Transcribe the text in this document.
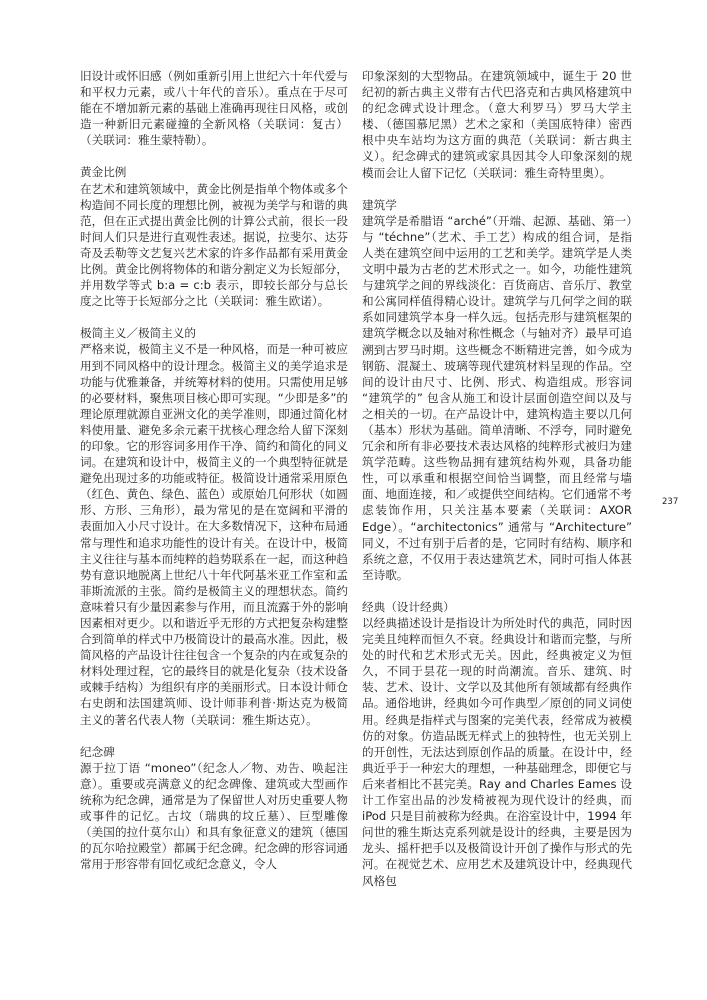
旧设计或怀旧感（例如重新引用上世纪六十年代爱与和平权力元素，或八十年代的音乐）。重点在于尽可能在不增加新元素的基础上准确再现往日风格，或创造一种新旧元素碰撞的全新风格（关联词：复古）（关联词：雅生蒙特勒）。

黄金比例

在艺术和建筑领域中，黄金比例是指单个物体或多个构造间不同长度的理想比例，被视为美学与和谐的典范，但在正式提出黄金比例的计算公式前，很长一段时间人们只是进行直观性表述。据说，拉斐尔、达芬奇及丢勒等文艺复兴艺术家的许多作品都有采用黄金比例。黄金比例将物体的和谐分割定义为长短部分，并用数学等式 b:a = c:b 表示，即较长部分与总长度之比等于长短部分之比（关联词：雅生欧诺）。

极简主义／极简主义的

严格来说，极简主义不是一种风格，而是一种可被应用到不同风格中的设计理念。极简主义的美学追求是功能与优雅兼备，并统筹材料的使用。只需使用足够的必要材料，聚焦项目核心即可实现。“少即是多”的理论原理就源自亚洲文化的美学准则，即通过简化材料使用量、避免多余元素干扰核心理念给人留下深刻的印象。它的形容词多用作干净、简约和简化的同义词。在建筑和设计中，极简主义的一个典型特征就是避免出现过多的功能或特征。极简设计通常采用原色（红色、黄色、绿色、蓝色）或原始几何形状（如圆形、方形、三角形），最为常见的是在宽阔和平滑的表面加入小尺寸设计。在大多数情况下，这种布局通常与理性和追求功能性的设计有关。在设计中，极简主义往往与基本而纯粹的趋势联系在一起，而这种趋势有意识地脱离上世纪八十年代阿基米亚工作室和孟菲斯流派的主张。简约是极简主义的理想状态。简约意味着只有少量因素参与作用，而且流露于外的影响因素相对更少。以和谐近乎无形的方式把复杂构建整合到简单的样式中乃极简设计的最高水准。因此，极简风格的产品设计往往包含一个复杂的内在或复杂的材料处理过程，它的最终目的就是化复杂（技术设备或棘手结构）为组织有序的美丽形式。日本设计师仓右史朗和法国建筑师、设计师菲利普·斯达克为极简主义的著名代表人物（关联词：雅生斯达克）。

纪念碑

源于拉丁语 “moneo”（纪念人／物、劝告、唤起注意）。重要或亮满意义的纪念碑像、建筑或大型画作统称为纪念碑，通常是为了保留世人对历史重要人物或事件的记忆。古坟（瑞典的坟丘墓）、巨型雕像（美国的拉什莫尔山）和具有象征意义的建筑（德国的瓦尔哈拉殿堂）都属于纪念碑。纪念碑的形容词通常用于形容带有回忆或纪念意义，令人

印象深刻的大型物品。在建筑领域中，诞生于 20 世纪初的新古典主义带有古代巴洛克和古典风格建筑中的纪念碑式设计理念。（意大利罗马）罗马大学主楼、（德国慕尼黑）艺术之家和（美国底特律）密西根中央车站均为这方面的典范（关联词：新古典主义）。纪念碑式的建筑或家具因其令人印象深刻的规模而会让人留下记忆（关联词：雅生奇特里奥）。

建筑学

建筑学是希腊语 “arché”（开端、起源、基础、第一）与 “téchne”（艺术、手工艺）构成的组合词，是指人类在建筑空间中运用的工艺和美学。建筑学是人类文明中最为古老的艺术形式之一。如今，功能性建筑与建筑学之间的界线淡化：百货商店、音乐厅、教堂和公寓同样值得精心设计。建筑学与几何学之间的联系如同建筑学本身一样久远。包括壳形与建筑框架的建筑学概念以及轴对称性概念（与轴对齐）最早可追溯到古罗马时期。这些概念不断精进完善，如今成为钢筋、混凝土、玻璃等现代建筑材料呈现的作品。空间的设计由尺寸、比例、形式、构造组成。形容词 “建筑学的” 包含从施工和设计层面创造空间以及与之相关的一切。在产品设计中，建筑构造主要以几何（基本）形状为基础。简单清晰、不浮夸，同时避免冗余和所有非必要技术表达风格的纯粹形式被归为建筑学范畴。这些物品拥有建筑结构外观，具备功能性，可以承重和根据空间恰当调整，而且经常与墙面、地面连接，和／或提供空间结构。它们通常不考虑装饰作用，只关注基本要素（关联词：AXOR Edge）。“architectonics” 通常与 “Architecture” 同义，不过有别于后者的是，它同时有结构、顺序和系统之意，不仅用于表达建筑艺术，同时可指人体甚至诗歌。

经典（设计经典）

以经典描述设计是指设计为所处时代的典范，同时因完美且纯粹而恒久不衰。经典设计和谐而完整，与所处的时代和艺术形式无关。因此，经典被定义为恒久，不同于昙花一现的时尚潮流。音乐、建筑、时装、艺术、设计、文学以及其他所有领域都有经典作品。通俗地讲，经典如今可作典型／原创的同义词使用。经典是指样式与图案的完美代表，经常成为被模仿的对象。仿造品既无样式上的独特性，也无关别上的开创性，无法达到原创作品的质量。在设计中，经典近乎于一种宏大的理想，一种基础理念，即便它与后来者相比不甚完美。Ray and Charles Eames 设计工作室出品的沙发椅被视为现代设计的经典，而 iPod 只是目前被称为经典。在浴室设计中，1994 年问世的雅生斯达克系列就是设计的经典，主要是因为龙头、摇杆把手以及极简设计开创了操作与形式的先河。在视觉艺术、应用艺术及建筑设计中，经典现代风格包

237
